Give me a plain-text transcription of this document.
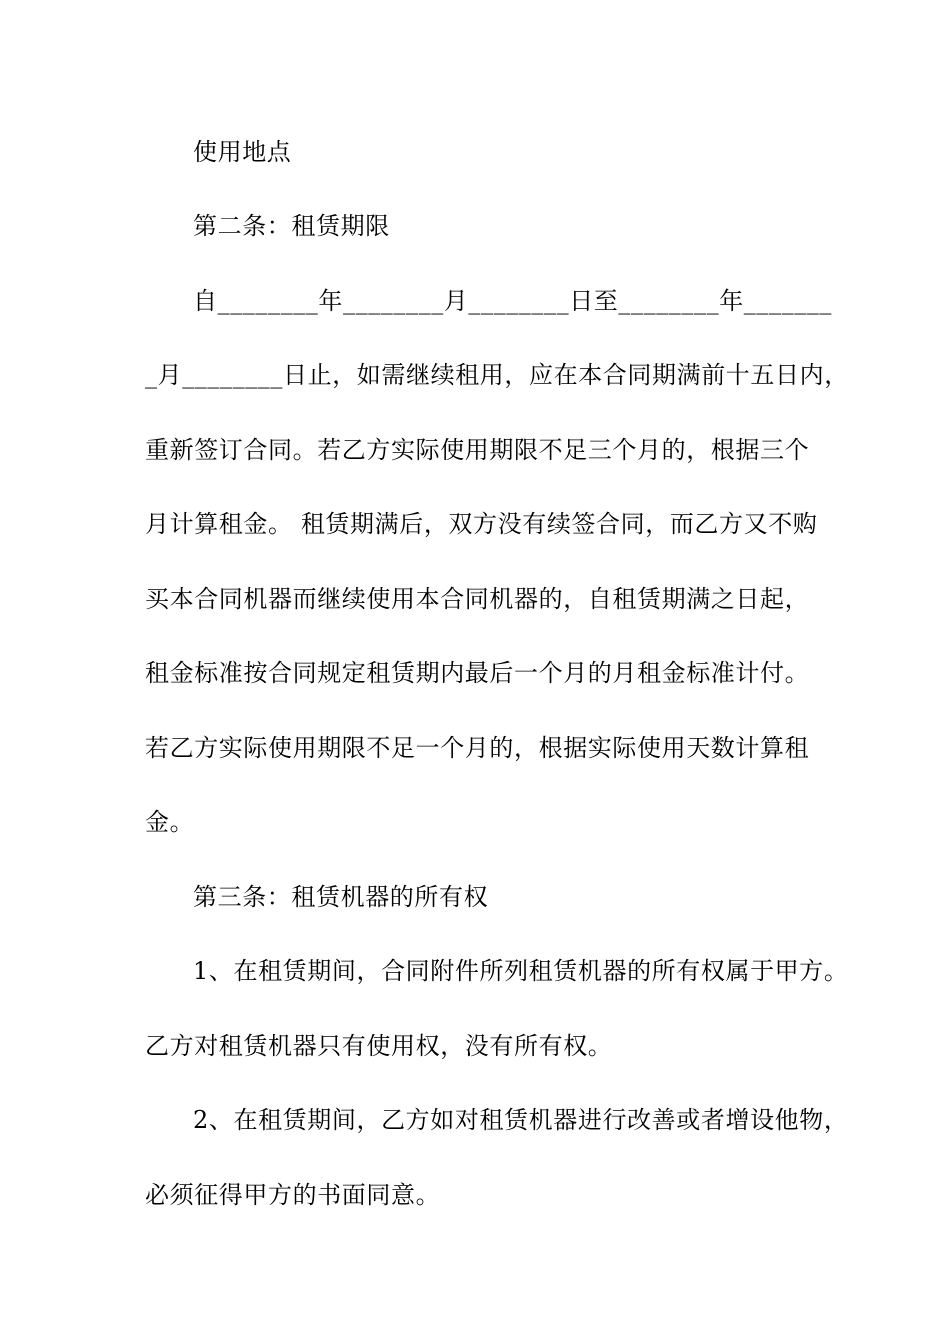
使用地点
第二条：租赁期限
自________年________月________日至________年_______
_月________日止，如需继续租用，应在本合同期满前十五日内，
重新签订合同。若乙方实际使用期限不足三个月的，根据三个
月计算租金。 租赁期满后，双方没有续签合同，而乙方又不购
买本合同机器而继续使用本合同机器的，自租赁期满之日起，
租金标准按合同规定租赁期内最后一个月的月租金标准计付。
若乙方实际使用期限不足一个月的，根据实际使用天数计算租
金。
第三条：租赁机器的所有权
1、在租赁期间，合同附件所列租赁机器的所有权属于甲方。
乙方对租赁机器只有使用权，没有所有权。
2、在租赁期间，乙方如对租赁机器进行改善或者增设他物，
必须征得甲方的书面同意。
